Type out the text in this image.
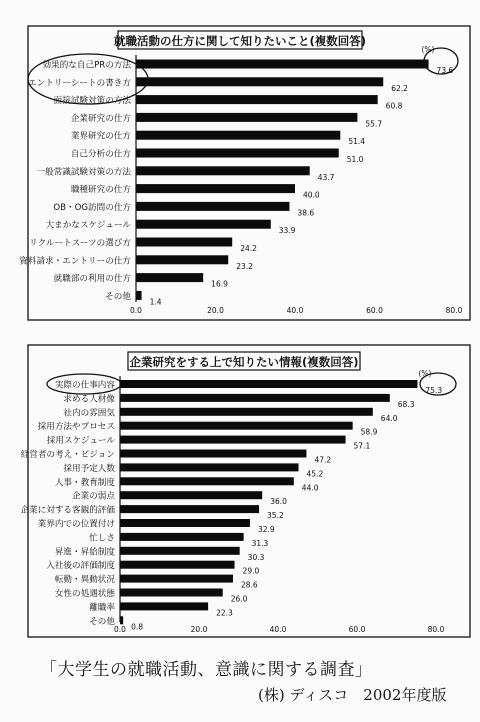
就職活動の仕方に関して知りたいこと(複数回答)
効果的な自己PRの方法	73.6
エントリーシートの書き方	62.2
面接試験対策の方法	60.8
企業研究の仕方	55.7
業界研究の仕方	51.4
自己分析の仕方	51.0
一般常識試験対策の方法	43.7
職種研究の仕方	40.0
OB・OG訪問の仕方	38.6
大まかなスケジュール	33.9
リクルートスーツの選び方	24.2
資料請求・エントリーの仕方	23.2
就職部の利用の仕方	16.9
その他 1.4
0.0	20.0	40.0	60.0	80.0
(%)
企業研究をする上で知りたい情報(複数回答)
実際の仕事内容	75.3
求める人材像	68.3
社内の雰囲気	64.0
採用方法やプロセス	58.9
採用スケジュール	57.1
経営者の考え・ビジョン	47.2
採用予定人数	45.2
人事・教育制度	44.0
企業の弱点	36.0
企業に対する客観的評価	35.2
業界内での位置付け	32.9
忙しさ	31.3
昇進・昇給制度	30.3
入社後の評価制度	29.0
転勤・異動状況	28.6
女性の処遇状態	26.0
離職率	22.3
その他 0.8
0.0	20.0	40.0	60.0	80.0
(%)
「大学生の就職活動、意識に関する調査」
(株) ディスコ　2002年度版
